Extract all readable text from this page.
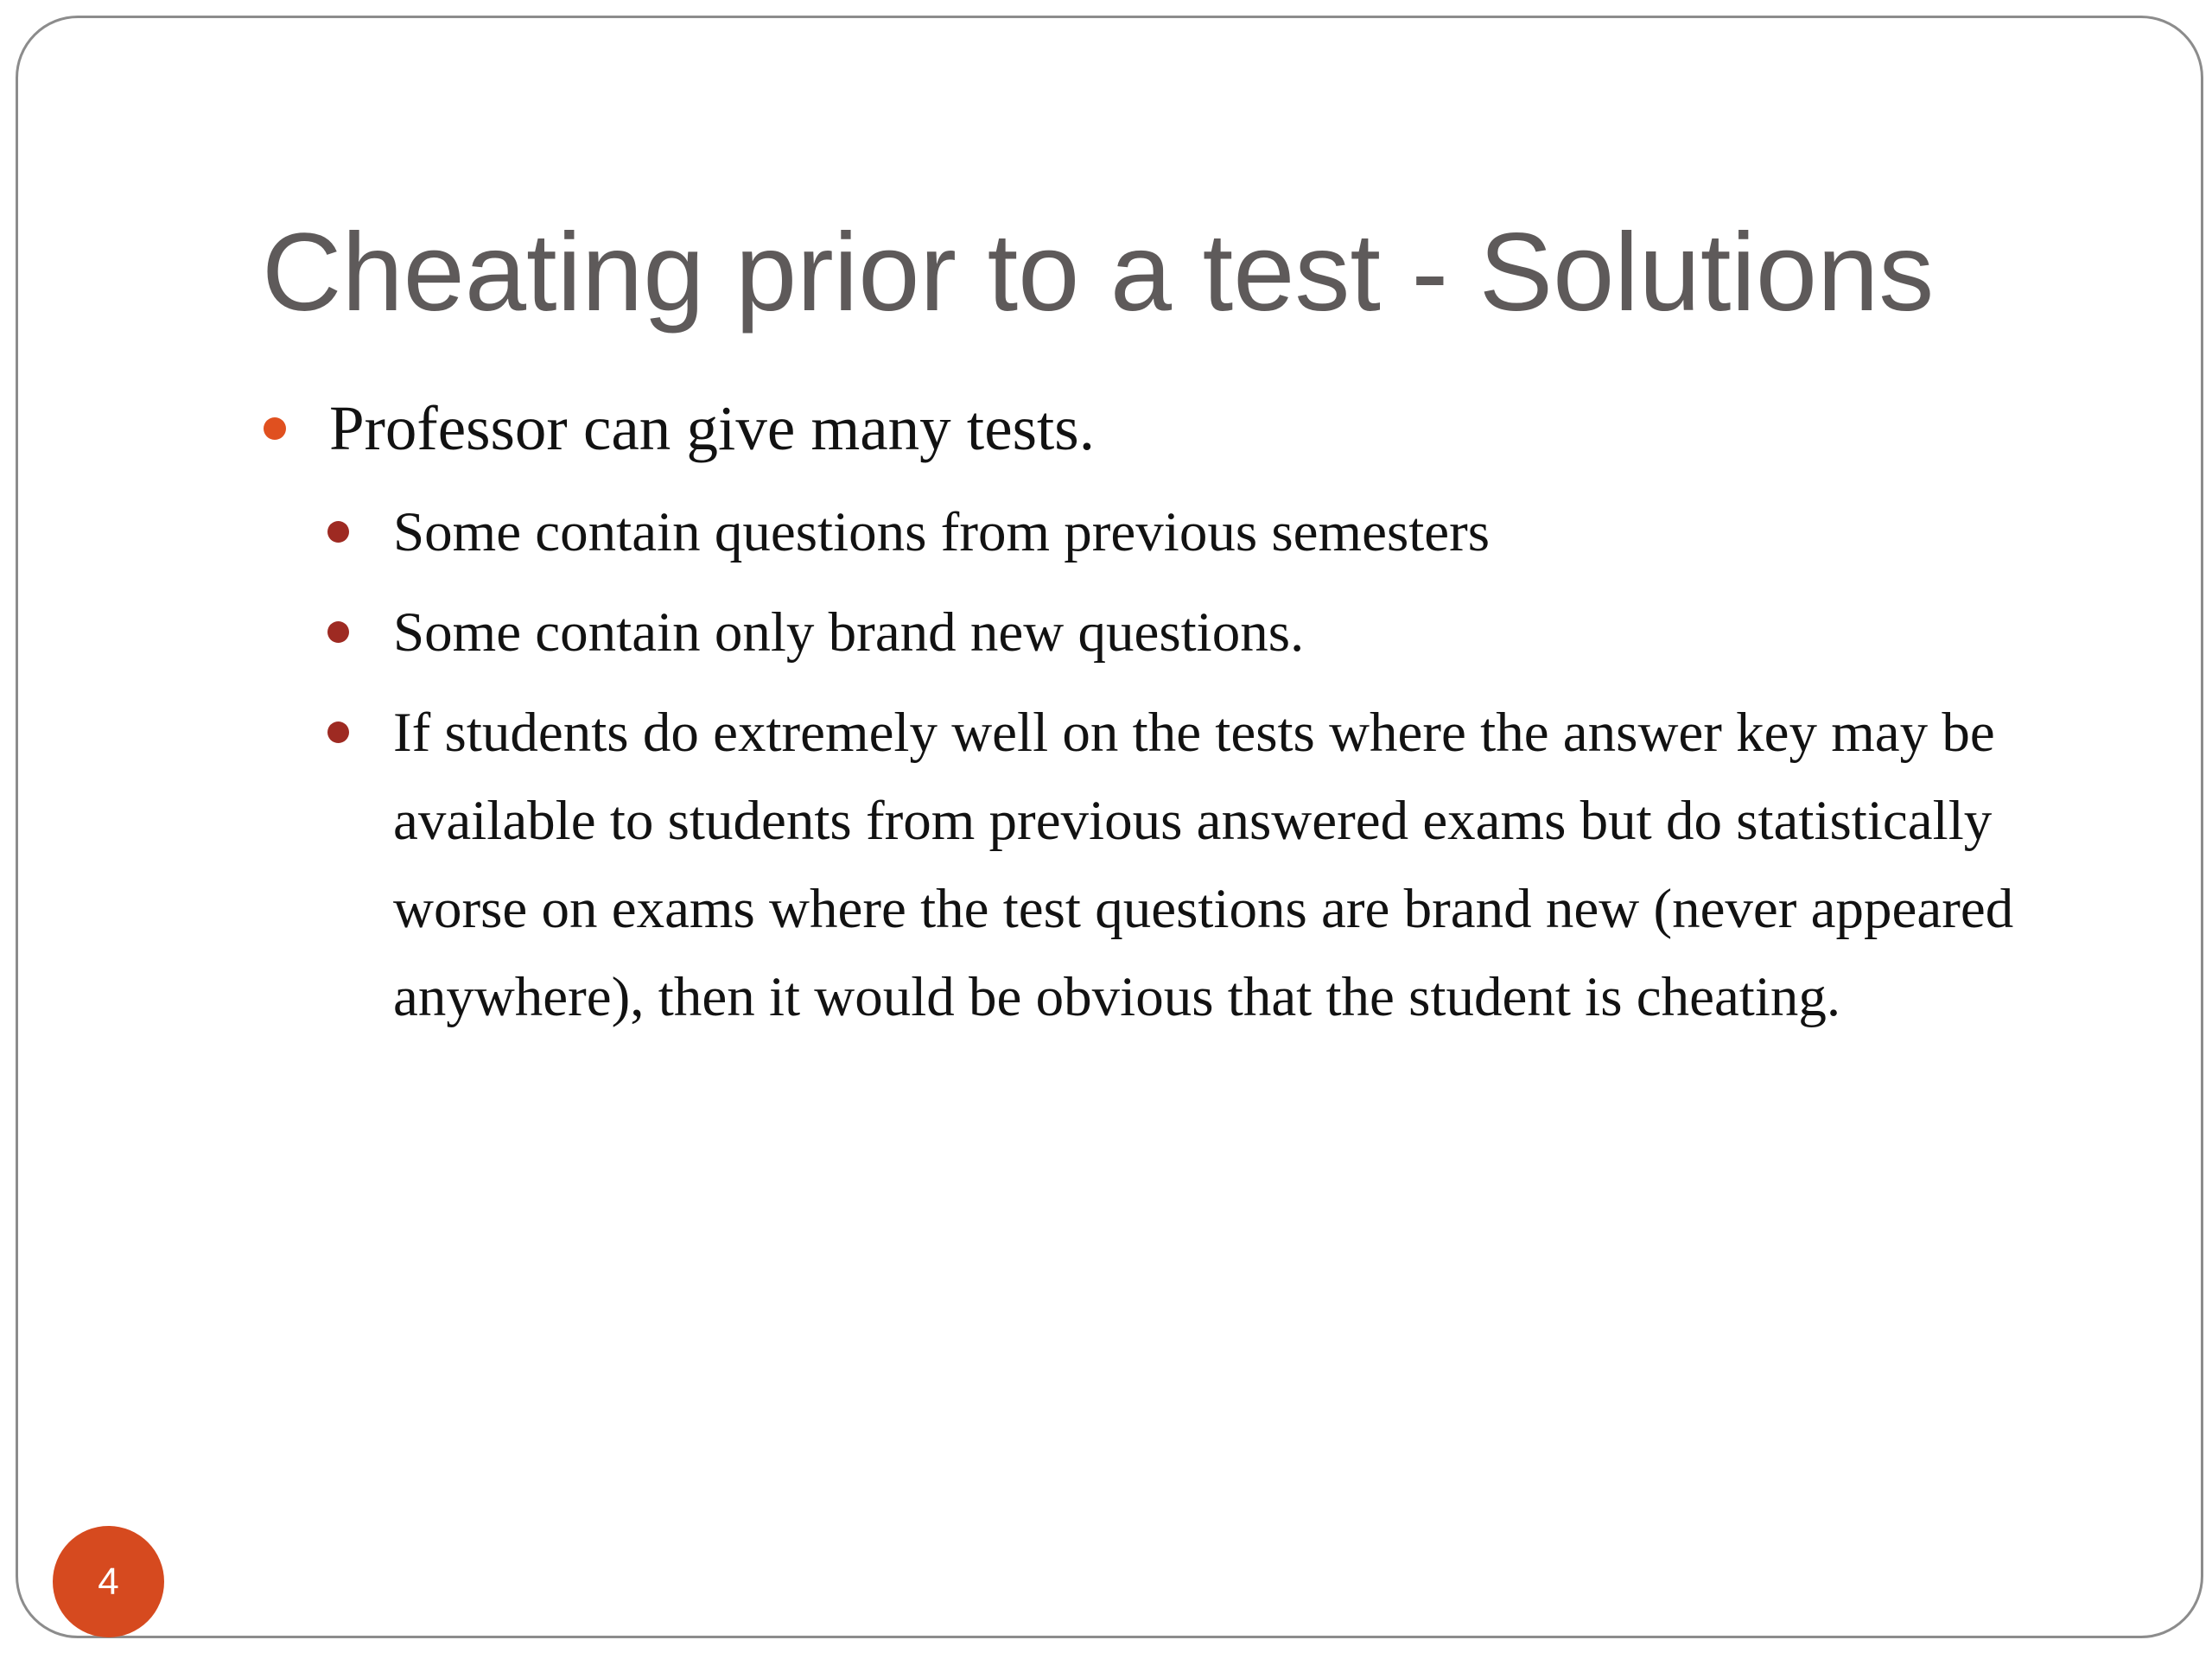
Cheating prior to a test - Solutions
Professor can give many tests.
Some contain questions from previous semesters
Some contain only brand new questions.
If students do extremely well on the tests where the answer key may be available to students from previous answered exams but do statistically worse on exams where the test questions are brand new (never appeared anywhere), then it would be obvious that the student is cheating.
4
